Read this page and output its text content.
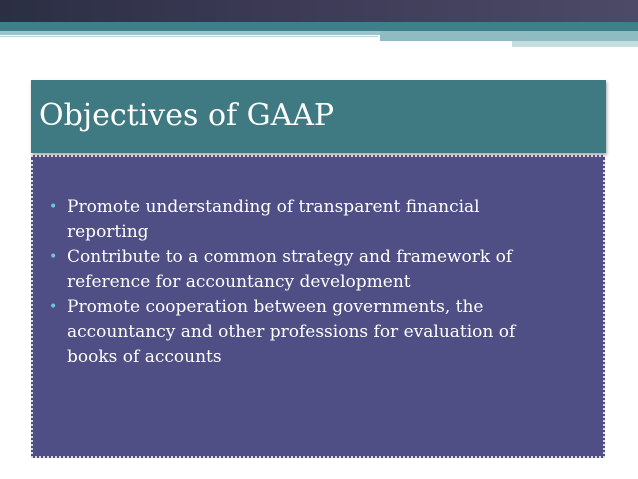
Objectives of GAAP
• Promote understanding of transparent financial reporting
• Contribute to a common strategy and framework of reference for accountancy development
• Promote cooperation between governments, the accountancy and other professions for evaluation of books of accounts
